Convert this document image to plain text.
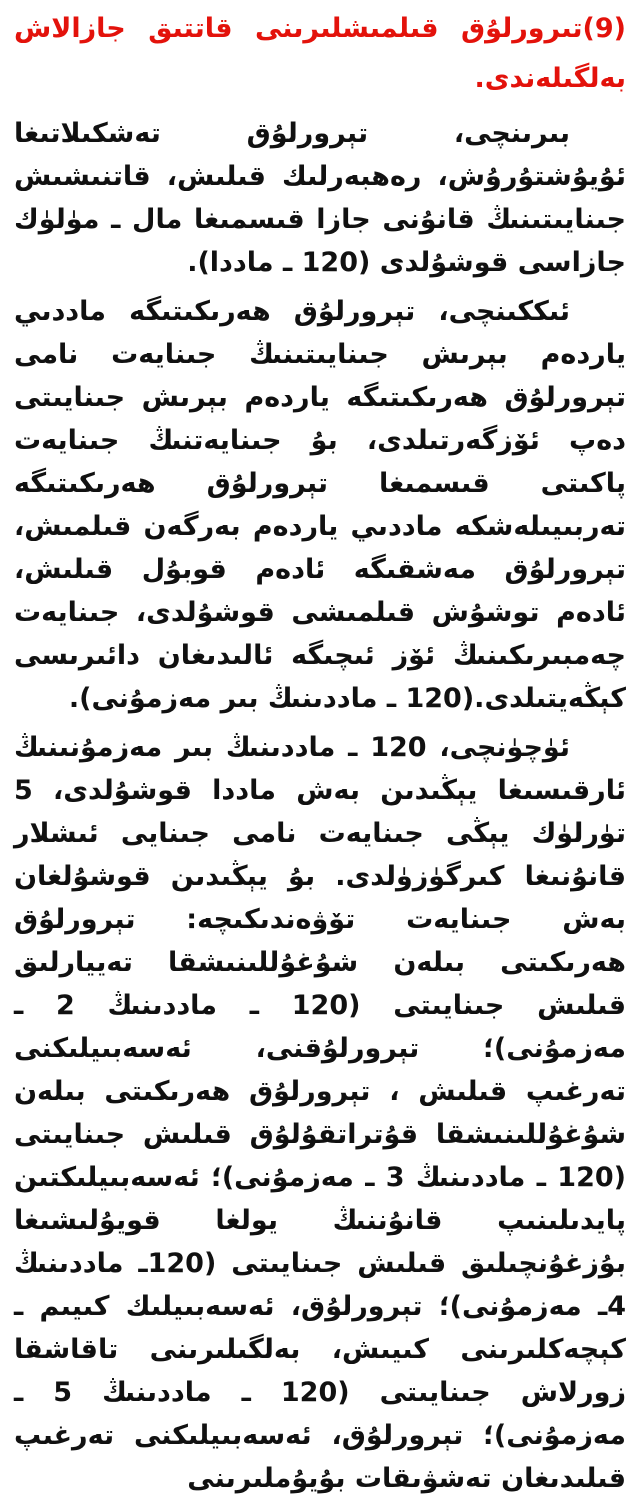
(9)تىرورلۇق قىلمىشلىرىنى قاتتىق جازالاش بەلگىلەندى.

بىرىنچى، تېرورلۇق تەشكىلاتىغا ئۇيۇشتۇرۇش، رەھبەرلىك قىلىش، قاتنىشىش جىنايىتىنىڭ قانۇنى جازا قىسمىغا مال ـ مۈلۈك جازاسى قوشۇلدى (120 ـ ماددا).

ئىككىنچى، تېرورلۇق ھەرىكىتىگە ماددىي ياردەم بېرىش جىنايىتىنىڭ جىنايەت نامى تېرورلۇق ھەرىكىتىگە ياردەم بېرىش جىنايىتى دەپ ئۆزگەرتىلدى، بۇ جىنايەتنىڭ جىنايەت پاكىتى قىسمىغا تېرورلۇق ھەرىكىتىگە تەربىيىلەشكە ماددىي ياردەم بەرگەن قىلمىش، تېرورلۇق مەشقىگە ئادەم قوبۇل قىلىش، ئادەم توشۇش قىلمىشى قوشۇلدى، جىنايەت چەمبىرىكىنىڭ ئۆز ئىچىگە ئالىدىغان دائىرىسى كېڭەيتىلدى.(120 ـ ماددىنىڭ بىر مەزمۇنى).

ئۈچۈنچى، 120 ـ ماددىنىڭ بىر مەزمۇنىنىڭ ئارقىسىغا يېڭىدىن بەش ماددا قوشۇلدى، 5 تۈرلۈك يېڭى جىنايەت نامى جىنايى ئىشلار قانۇنىغا كىرگۈزۈلدى. بۇ يېڭىدىن قوشۇلغان بەش جىنايەت تۆۋەندىكىچە: تېرورلۇق ھەرىكىتى بىلەن شۇغۇللىنىشقا تەييارلىق قىلىش جىنايىتى (120 ـ ماددىنىڭ 2 ـ مەزمۇنى)؛ تېرورلۇقنى، ئەسەبىيلىكنى تەرغىپ قىلىش ، تېرورلۇق ھەرىكىتى بىلەن شۇغۇللىنىشقا قۇتراتقۇلۇق قىلىش جىنايىتى (120 ـ ماددىنىڭ 3 ـ مەزمۇنى)؛ ئەسەبىيلىكتىن پايدىلىنىپ قانۇننىڭ يولغا قويۇلىشىغا بۇزغۇنچىلىق قىلىش جىنايىتى (120ـ ماددىنىڭ 4ـ مەزمۇنى)؛ تېرورلۇق، ئەسەبىيلىك كىيىم ـ كېچەكلىرىنى كىيىش، بەلگىلىرىنى تاقاشقا زورلاش جىنايىتى (120 ـ ماددىنىڭ 5 ـ مەزمۇنى)؛ تېرورلۇق، ئەسەبىيلىكنى تەرغىپ قىلىدىغان تەشۋىقات بۇيۇملىرىنى
